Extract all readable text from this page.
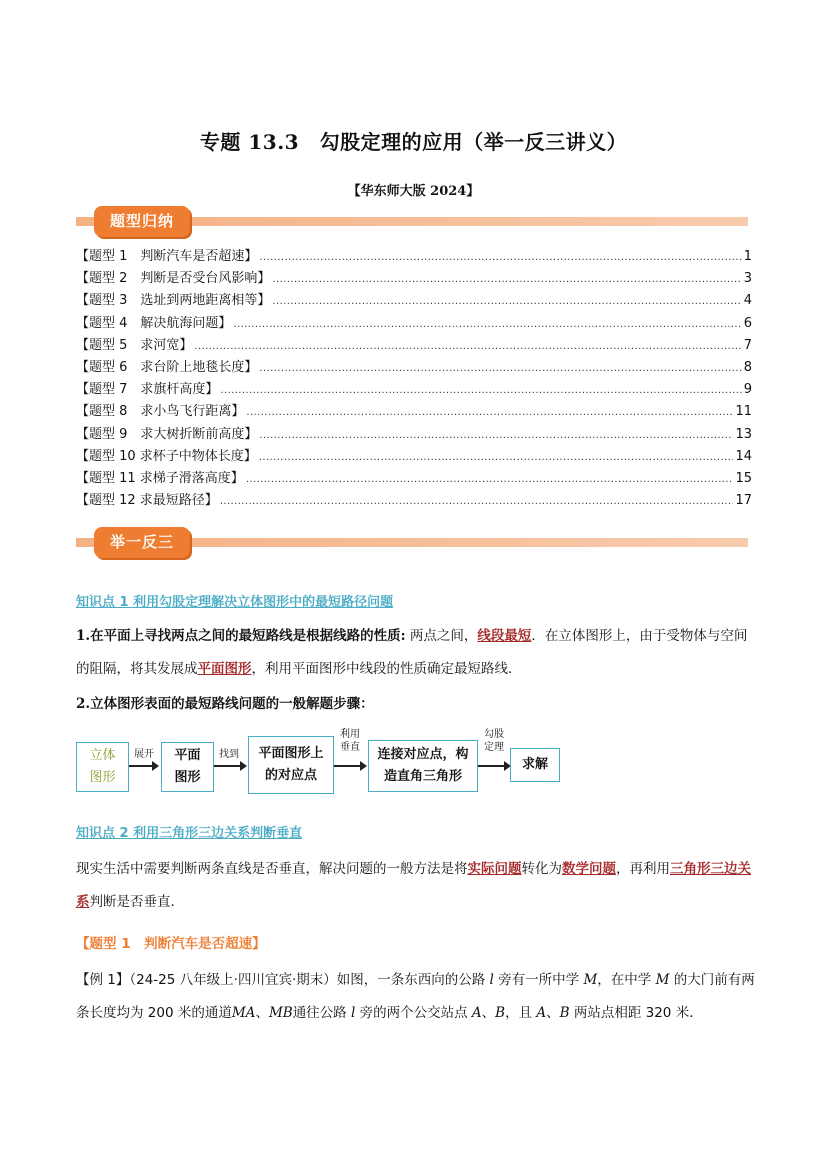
专题 13.3　勾股定理的应用（举一反三讲义）
【华东师大版 2024】
题型归纳
【题型 1　判断汽车是否超速】 .....	1
【题型 2　判断是否受台风影响】 .....	3
【题型 3　选址到两地距离相等】 .....	4
【题型 4　解决航海问题】 .....	6
【题型 5　求河宽】 .....	7
【题型 6　求台阶上地毯长度】 .....	8
【题型 7　求旗杆高度】 .....	9
【题型 8　求小鸟飞行距离】 .....	11
【题型 9　求大树折断前高度】 .....	13
【题型 10 求杯子中物体长度】 .....	14
【题型 11 求梯子滑落高度】 .....	15
【题型 12 求最短路径】 .....	17
举一反三
知识点 1 利用勾股定理解决立体图形中的最短路径问题
1.在平面上寻找两点之间的最短路线是根据线路的性质: 两点之间，线段最短．在立体图形上，由于受物体与空间的阻隔，将其发展成平面图形，利用平面图形中线段的性质确定最短路线．
2.立体图形表面的最短路线问题的一般解题步骤：
立体
图形
展开	平面
图形
找到	平面图形上
的对应点
利用
垂直	连接对应点，构
造直角三角形
勾股
定理
求解
知识点 2 利用三角形三边关系判断垂直
现实生活中需要判断两条直线是否垂直，解决问题的一般方法是将实际问题转化为数学问题，再利用三角形三边关系判断是否垂直．
【题型 1　判断汽车是否超速】
【例 1】（24-25 八年级上·四川宜宾·期末）如图，一条东西向的公路 l 旁有一所中学 M，在中学 M 的大门前有两条长度均为 200 米的通道MA、MB通往公路 l 旁的两个公交站点 A、B，且 A、B 两站点相距 320 米．
